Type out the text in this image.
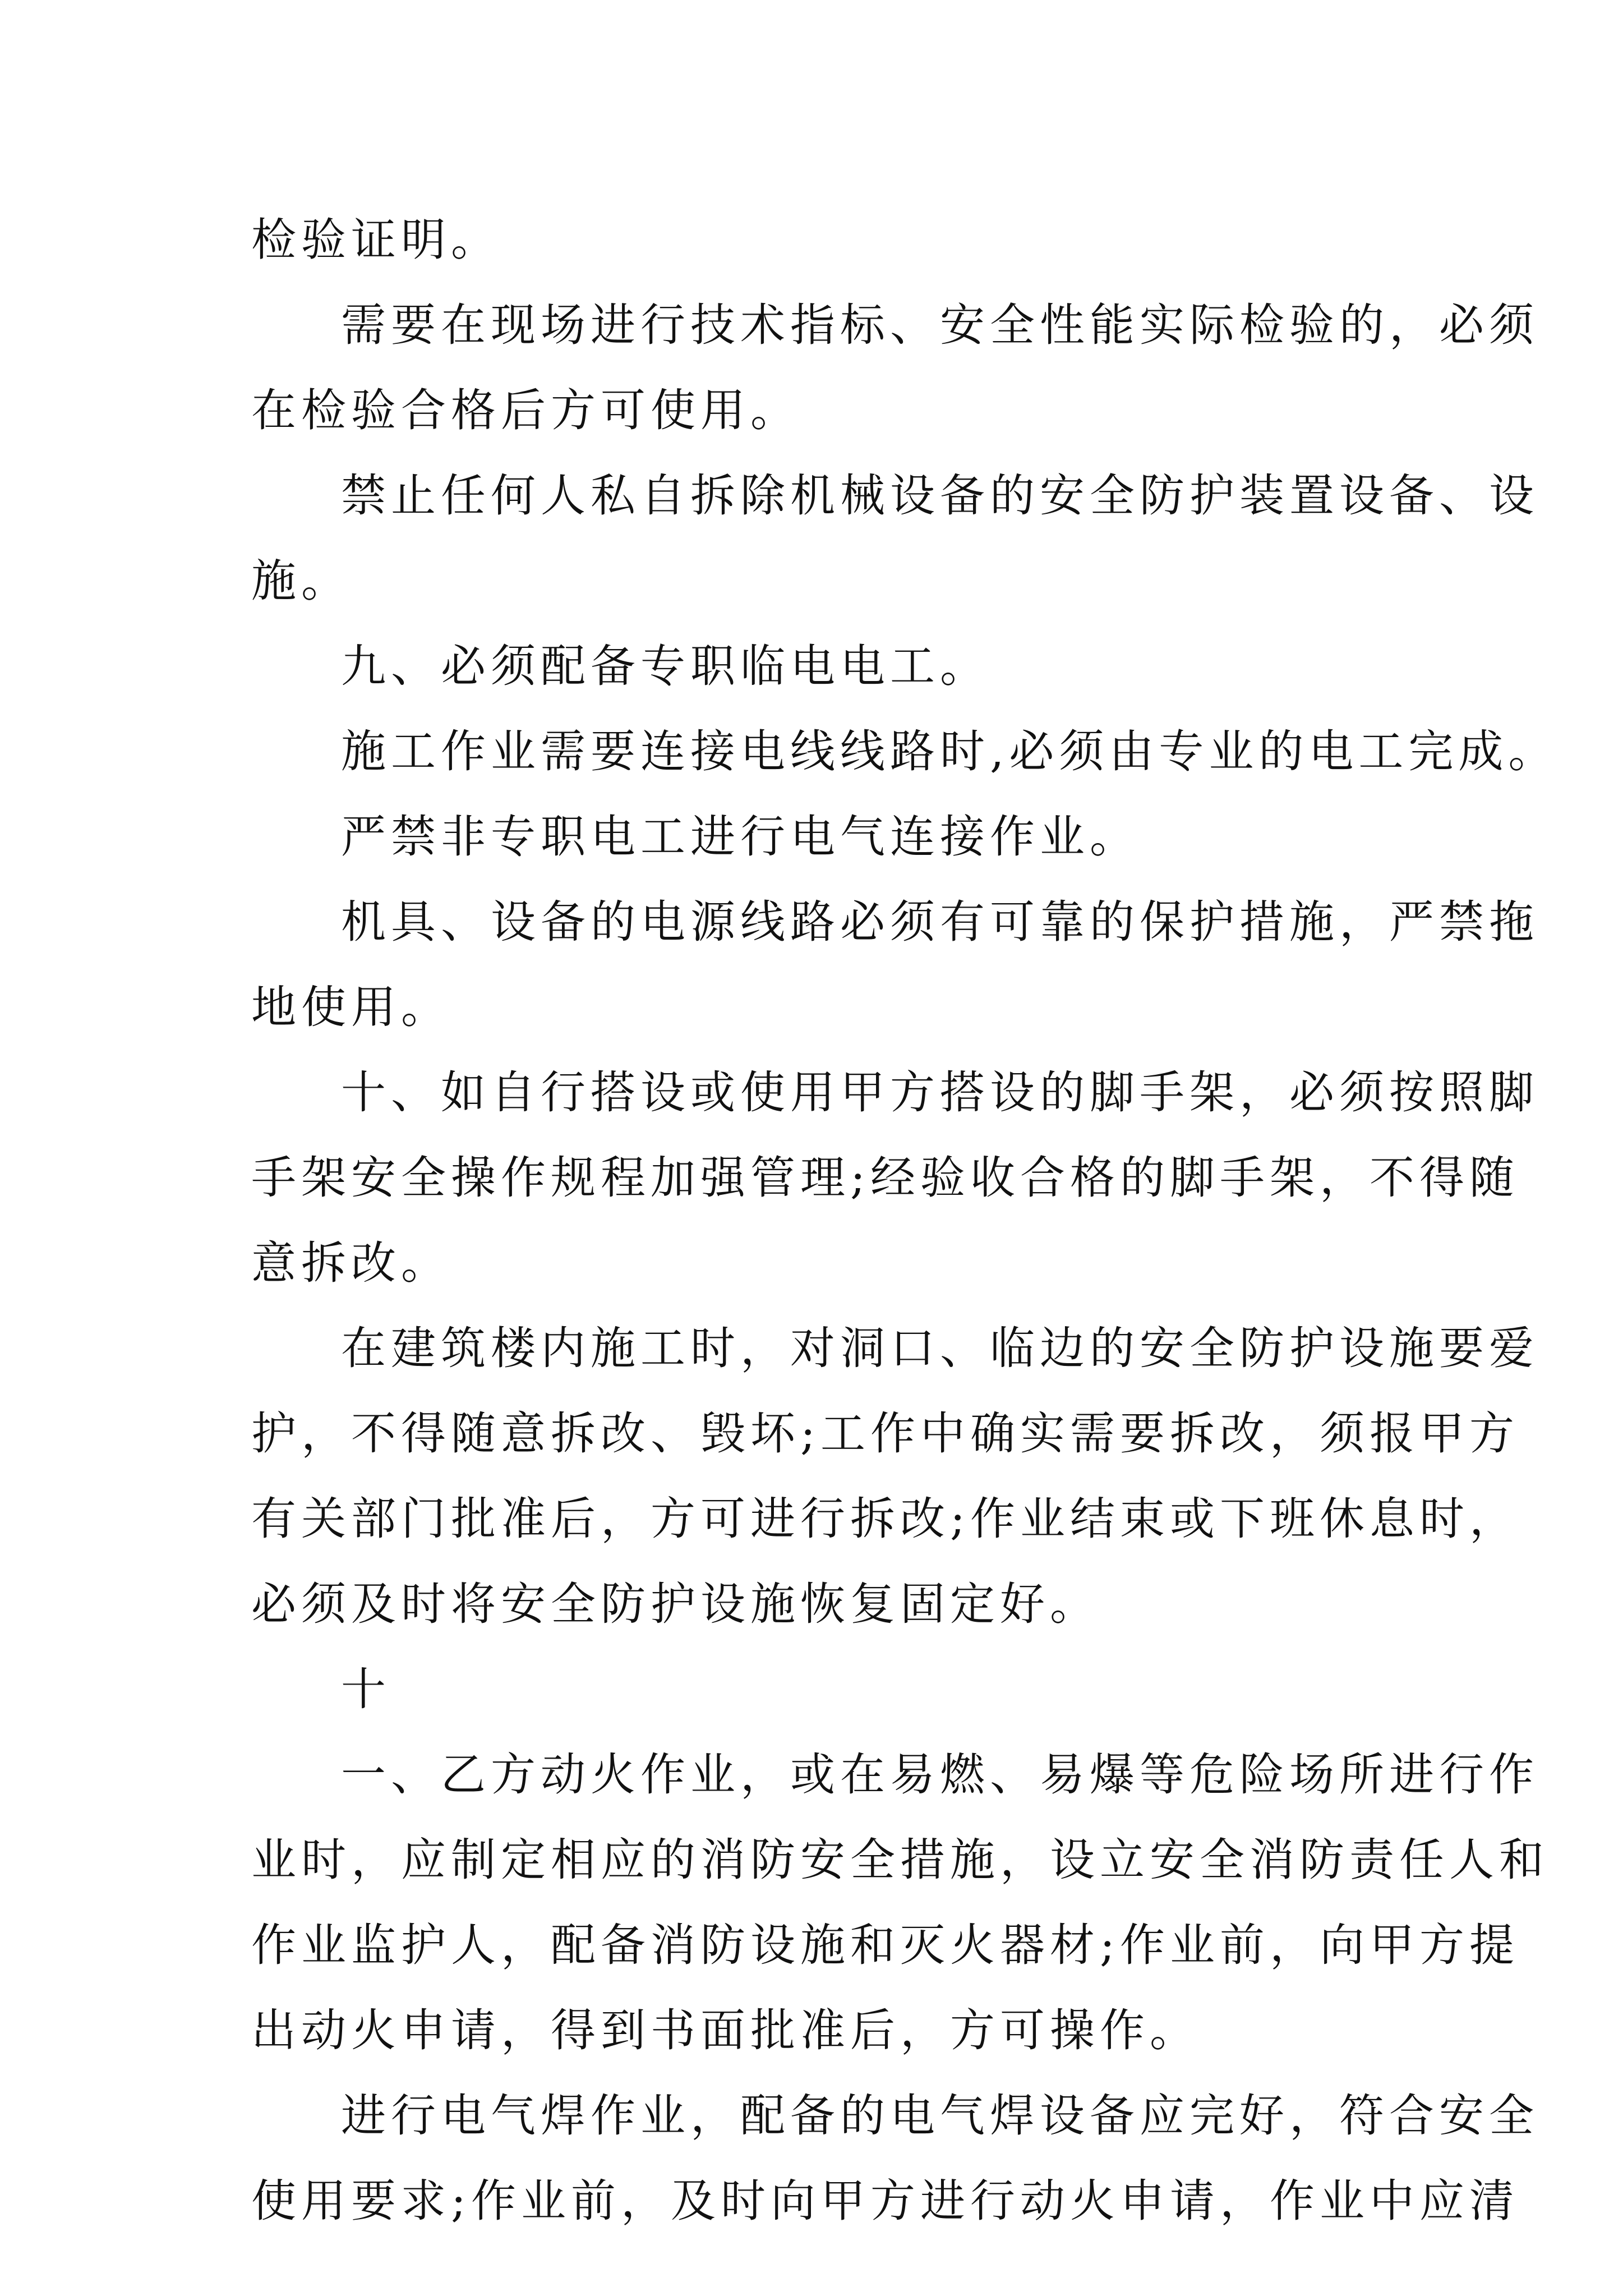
检验证明。
需要在现场进行技术指标、安全性能实际检验的，必须
在检验合格后方可使用。
禁止任何人私自拆除机械设备的安全防护装置设备、设
施。
九、必须配备专职临电电工。
施工作业需要连接电线线路时,必须由专业的电工完成。
严禁非专职电工进行电气连接作业。
机具、设备的电源线路必须有可靠的保护措施，严禁拖
地使用。
十、如自行搭设或使用甲方搭设的脚手架，必须按照脚
手架安全操作规程加强管理;经验收合格的脚手架，不得随
意拆改。
在建筑楼内施工时，对洞口、临边的安全防护设施要爱
护，不得随意拆改、毁坏;工作中确实需要拆改，须报甲方
有关部门批准后，方可进行拆改;作业结束或下班休息时，
必须及时将安全防护设施恢复固定好。
十
一、乙方动火作业，或在易燃、易爆等危险场所进行作
业时，应制定相应的消防安全措施，设立安全消防责任人和
作业监护人，配备消防设施和灭火器材;作业前，向甲方提
出动火申请，得到书面批准后，方可操作。
进行电气焊作业，配备的电气焊设备应完好，符合安全
使用要求;作业前，及时向甲方进行动火申请，作业中应清
